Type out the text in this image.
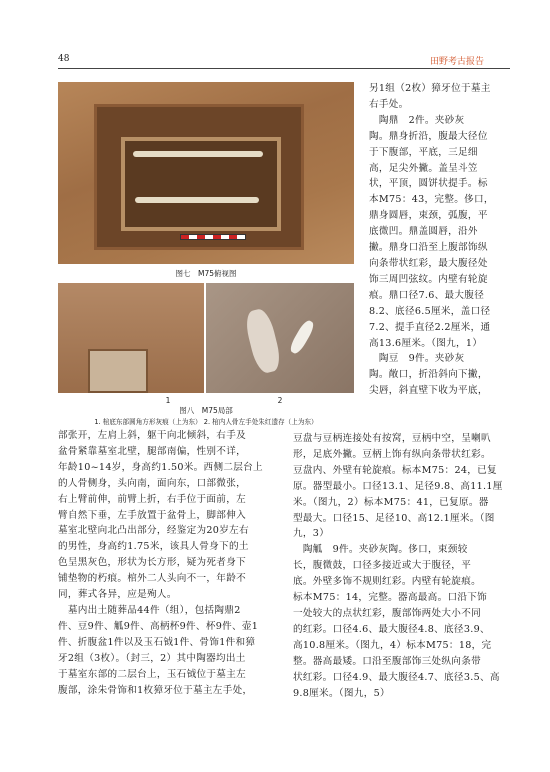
48	田野考古报告
图七　M75俯视图
1	2
图八　M75局部
1. 棺底东部圆角方形灰痕（上为东） 2. 棺内人骨左手处朱红遗存（上为东）
另1组（2枚）獐牙位于墓主
右手处。
　陶鼎　2件。夹砂灰
陶。鼎身折沿，腹最大径位
于下腹部，平底，三足细
高，足尖外撇。盖呈斗笠
状，平顶，圆饼状提手。标
本M75：43，完整。侈口，
鼎身圆唇，束颈，弧腹，平
底微凹。鼎盖圆唇，沿外
撇。鼎身口沿至上腹部饰纵
向条带状红彩，最大腹径处
饰三周凹弦纹。内壁有轮旋
痕。鼎口径7.6、最大腹径
8.2、底径6.5厘米，盖口径
7.2、提手直径2.2厘米，通
高13.6厘米。（图九，1）
　陶豆　9件。夹砂灰
陶。敞口，折沿斜向下撇，
尖唇，斜直壁下收为平底，
部张开，左肩上斜，躯干向北倾斜，右手及
盆骨紧靠墓室北壁，腿部南偏，性别不详，
年龄10~14岁，身高约1.50米。西侧二层台上
的人骨侧身，头向南，面向东，口部微张，
右上臂前伸，前臂上折，右手位于面前，左
臂自然下垂，左手放置于盆骨上，脚部伸入
墓室北壁向北凸出部分，经鉴定为20岁左右
的男性，身高约1.75米，该具人骨身下的土
色呈黑灰色，形状为长方形，疑为死者身下
铺垫物的朽痕。棺外二人头向不一，年龄不
同，葬式各异，应是殉人。
　墓内出土随葬品44件（组），包括陶鼎2
件、豆9件、觚9件、高柄杯9件、杯9件、壶1
件、折腹盆1件以及玉石钺1件、骨饰1件和獐
牙2组（3枚）。（封三，2）其中陶器均出土
于墓室东部的二层台上，玉石钺位于墓主左
腹部，涂朱骨饰和1枚獐牙位于墓主左手处，
豆盘与豆柄连接处有按窝，豆柄中空，呈喇叭
形，足底外撇。豆柄上饰有纵向条带状红彩。
豆盘内、外壁有轮旋痕。标本M75：24，已复
原。器型最小。口径13.1、足径9.8、高11.1厘
米。（图九，2）标本M75：41，已复原。器
型最大。口径15、足径10、高12.1厘米。（图
九，3）
　陶觚　9件。夹砂灰陶。侈口，束颈较
长，腹微鼓，口径多接近或大于腹径，平
底。外壁多饰不规则红彩。内壁有轮旋痕。
标本M75：14，完整。器高最高。口沿下饰
一处较大的点状红彩，腹部饰两处大小不同
的红彩。口径4.6、最大腹径4.8、底径3.9、
高10.8厘米。（图九，4）标本M75：18，完
整。器高最矮。口沿至腹部饰三处纵向条带
状红彩。口径4.9、最大腹径4.7、底径3.5、高
9.8厘米。（图九，5）
